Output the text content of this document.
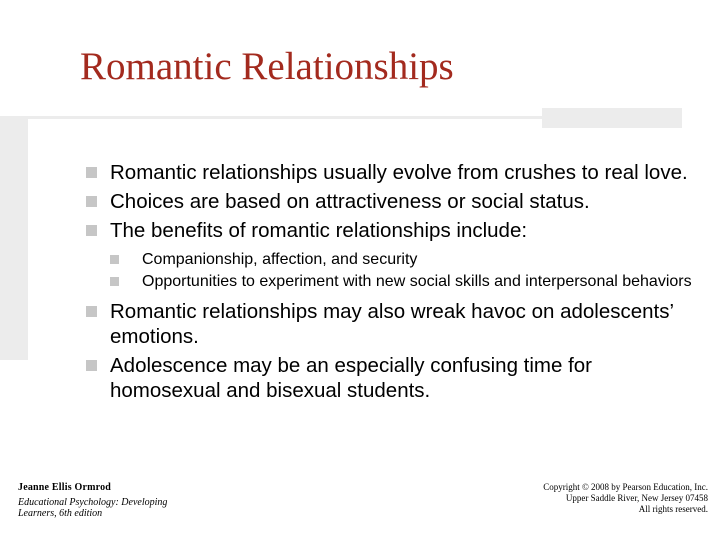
Romantic Relationships
Romantic relationships usually evolve from crushes to real love.
Choices are based on attractiveness or social status.
The benefits of romantic relationships include:
Companionship, affection, and security
Opportunities to experiment with new social skills and interpersonal behaviors
Romantic relationships may also wreak havoc on adolescents’ emotions.
Adolescence may be an especially confusing time for homosexual and bisexual students.
Jeanne Ellis Ormrod
Educational Psychology: Developing Learners, 6th edition
Copyright © 2008 by Pearson Education, Inc.
Upper Saddle River, New Jersey 07458
All rights reserved.
